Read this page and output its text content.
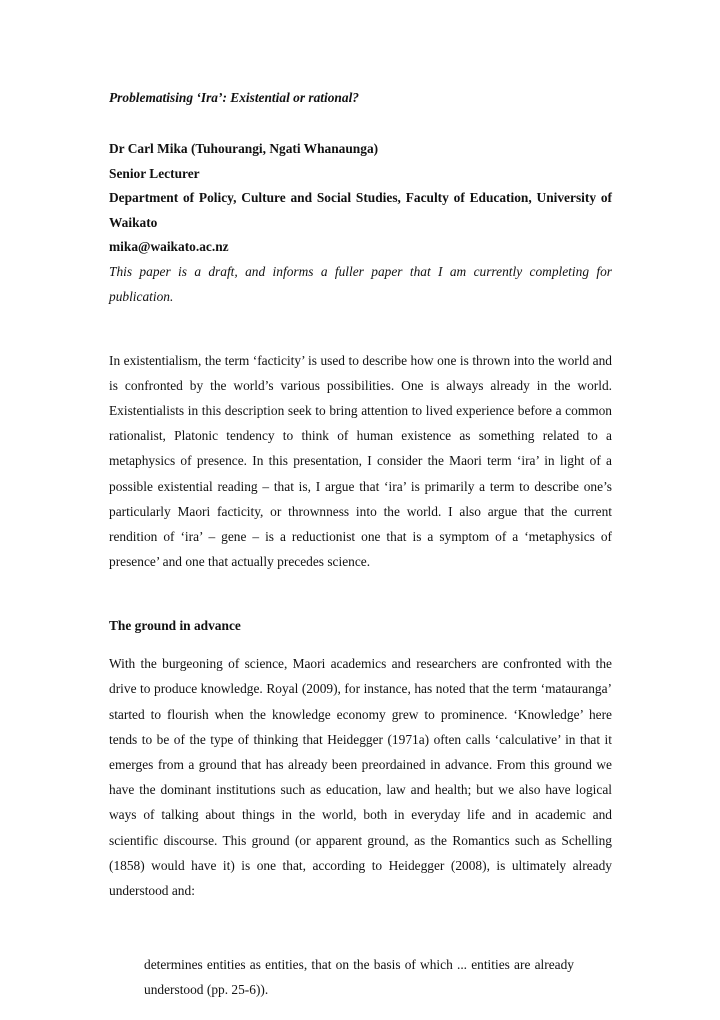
Problematising ‘Ira’: Existential or rational?

Dr Carl Mika (Tuhourangi, Ngati Whanaunga)

Senior Lecturer

Department of Policy, Culture and Social Studies, Faculty of Education, University of Waikato

mika@waikato.ac.nz

This paper is a draft, and informs a fuller paper that I am currently completing for publication.

In existentialism, the term ‘facticity’ is used to describe how one is thrown into the world and is confronted by the world’s various possibilities. One is always already in the world. Existentialists in this description seek to bring attention to lived experience before a common rationalist, Platonic tendency to think of human existence as something related to a metaphysics of presence. In this presentation, I consider the Maori term ‘ira’ in light of a possible existential reading – that is, I argue that ‘ira’ is primarily a term to describe one’s particularly Maori facticity, or thrownness into the world. I also argue that the current rendition of ‘ira’ – gene – is a reductionist one that is a symptom of a ‘metaphysics of presence’ and one that actually precedes science.

The ground in advance

With the burgeoning of science, Maori academics and researchers are confronted with the drive to produce knowledge. Royal (2009), for instance, has noted that the term ‘matauranga’ started to flourish when the knowledge economy grew to prominence. ‘Knowledge’ here tends to be of the type of thinking that Heidegger (1971a) often calls ‘calculative’ in that it emerges from a ground that has already been preordained in advance. From this ground we have the dominant institutions such as education, law and health; but we also have logical ways of talking about things in the world, both in everyday life and in academic and scientific discourse. This ground (or apparent ground, as the Romantics such as Schelling (1858) would have it) is one that, according to Heidegger (2008), is ultimately already understood and:

determines entities as entities, that on the basis of which ... entities are already understood (pp. 25-6)).
